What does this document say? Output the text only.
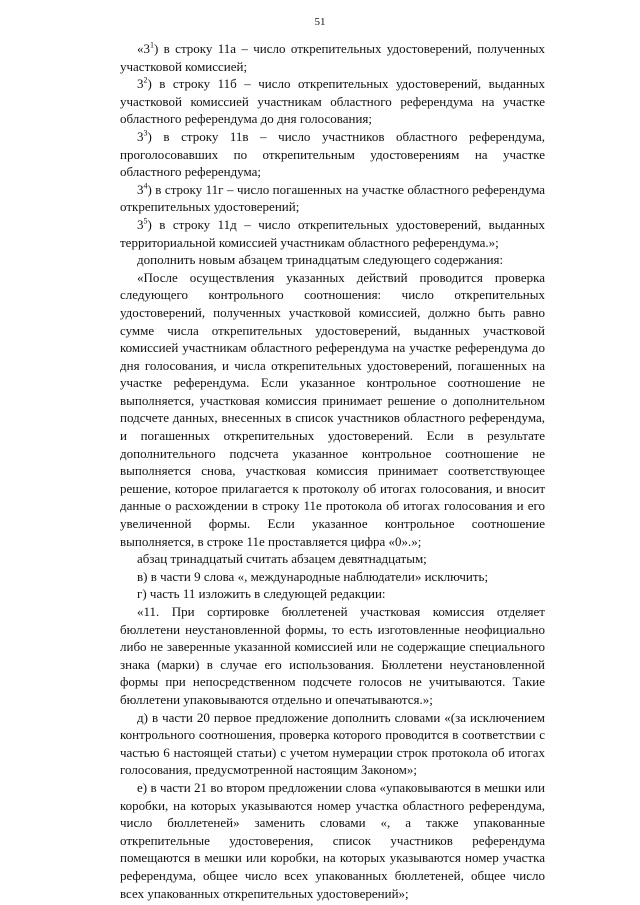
51

«$3^1$) в строку 11а – число открепительных удостоверений, полученных участковой комиссией;

$3^2$) в строку 11б – число открепительных удостоверений, выданных участковой комиссией участникам областного референдума на участке областного референдума до дня голосования;

$3^3$) в строку 11в – число участников областного референдума, проголосовавших по открепительным удостоверениям на участке областного референдума;

$3^4$) в строку 11г – число погашенных на участке областного референдума открепительных удостоверений;

$3^5$) в строку 11д – число открепительных удостоверений, выданных территориальной комиссией участникам областного референдума.»;

дополнить новым абзацем тринадцатым следующего содержания:

«После осуществления указанных действий проводится проверка следующего контрольного соотношения: число открепительных удостоверений, полученных участковой комиссией, должно быть равно сумме числа открепительных удостоверений, выданных участковой комиссией участникам областного референдума на участке референдума до дня голосования, и числа открепительных удостоверений, погашенных на участке референдума. Если указанное контрольное соотношение не выполняется, участковая комиссия принимает решение о дополнительном подсчете данных, внесенных в список участников областного референдума, и погашенных открепительных удостоверений. Если в результате дополнительного подсчета указанное контрольное соотношение не выполняется снова, участковая комиссия принимает соответствующее решение, которое прилагается к протоколу об итогах голосования, и вносит данные о расхождении в строку 11е протокола об итогах голосования и его увеличенной формы. Если указанное контрольное соотношение выполняется, в строке 11е проставляется цифра «0».»;

абзац тринадцатый считать абзацем девятнадцатым;

в) в части 9 слова «, международные наблюдатели» исключить;

г) часть 11 изложить в следующей редакции:

«11. При сортировке бюллетеней участковая комиссия отделяет бюллетени неустановленной формы, то есть изготовленные неофициально либо не заверенные указанной комиссией или не содержащие специального знака (марки) в случае его использования. Бюллетени неустановленной формы при непосредственном подсчете голосов не учитываются. Такие бюллетени упаковываются отдельно и опечатываются.»;

д) в части 20 первое предложение дополнить словами «(за исключением контрольного соотношения, проверка которого проводится в соответствии с частью 6 настоящей статьи) с учетом нумерации строк протокола об итогах голосования, предусмотренной настоящим Законом»;

е) в части 21 во втором предложении слова «упаковываются в мешки или коробки, на которых указываются номер участка областного референдума, число бюллетеней» заменить словами «, а также упакованные открепительные удостоверения, список участников референдума помещаются в мешки или коробки, на которых указываются номер участка референдума, общее число всех упакованных бюллетеней, общее число всех упакованных открепительных удостоверений»;
